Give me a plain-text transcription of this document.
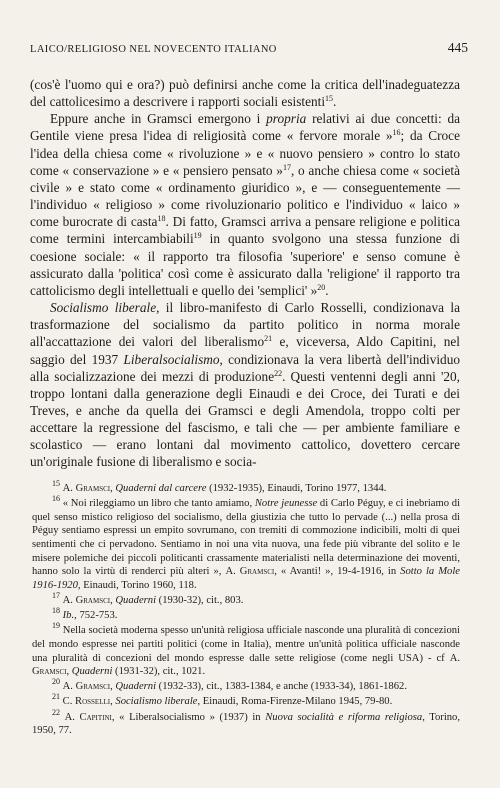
LAICO/RELIGIOSO NEL NOVECENTO ITALIANO	445

(cos'è l'uomo qui e ora?) può definirsi anche come la critica dell'inadeguatezza del cattolicesimo a descrivere i rapporti sociali esistenti$^{15}$.

Eppure anche in Gramsci emergono i propria relativi ai due concetti: da Gentile viene presa l'idea di religiosità come « fervore morale »$^{16}$; da Croce l'idea della chiesa come « rivoluzione » e « nuovo pensiero » contro lo stato come « conservazione » e « pensiero pensato »$^{17}$, o anche chiesa come « società civile » e stato come « ordinamento giuridico », e — conseguentemente — l'individuo « religioso » come rivoluzionario politico e l'individuo « laico » come burocrate di casta$^{18}$. Di fatto, Gramsci arriva a pensare religione e politica come termini intercambiabili$^{19}$ in quanto svolgono una stessa funzione di coesione sociale: « il rapporto tra filosofia 'superiore' e senso comune è assicurato dalla 'politica' così come è assicurato dalla 'religione' il rapporto tra cattolicismo degli intellettuali e quello dei 'semplici' »$^{20}$.

Socialismo liberale, il libro-manifesto di Carlo Rosselli, condizionava la trasformazione del socialismo da partito politico in norma morale all'accattazione dei valori del liberalismo$^{21}$ e, viceversa, Aldo Capitini, nel saggio del 1937 Liberalsocialismo, condizionava la vera libertà dell'individuo alla socializzazione dei mezzi di produzione$^{22}$. Questi ventenni degli anni '20, troppo lontani dalla generazione degli Einaudi e dei Croce, dei Turati e dei Treves, e anche da quella dei Gramsci e degli Amendola, troppo colti per accettare la regressione del fascismo, e tali che — per ambiente familiare e scolastico — erano lontani dal movimento cattolico, dovettero cercare un'originale fusione di liberalismo e socia-

$^{15}$ A. Gramsci, Quaderni dal carcere (1932-1935), Einaudi, Torino 1977, 1344.

$^{16}$ « Noi rileggiamo un libro che tanto amiamo, Notre jeunesse di Carlo Péguy, e ci inebriamo di quel senso mistico religioso del socialismo, della giustizia che tutto lo pervade (...) nella prosa di Péguy sentiamo espressi un empito sovrumano, con tremiti di commozione indicibili, molti di quei sentimenti che ci pervadono. Sentiamo in noi una vita nuova, una fede più vibrante del solito e le misere polemiche dei piccoli politicanti crassamente materialisti nella determinazione dei moventi, hanno solo la virtù di renderci più alteri », A. Gramsci, « Avanti! », 19-4-1916, in Sotto la Mole 1916-1920, Einaudi, Torino 1960, 118.

$^{17}$ A. Gramsci, Quaderni (1930-32), cit., 803.

$^{18}$ Ib., 752-753.

$^{19}$ Nella società moderna spesso un'unità religiosa ufficiale nasconde una pluralità di concezioni del mondo espresse nei partiti politici (come in Italia), mentre un'unità politica ufficiale nasconde una pluralità di concezioni del mondo espresse dalle sette religiose (come negli USA) - cf A. Gramsci, Quaderni (1931-32), cit., 1021.

$^{20}$ A. Gramsci, Quaderni (1932-33), cit., 1383-1384, e anche (1933-34), 1861-1862.

$^{21}$ C. Rosselli, Socialismo liberale, Einaudi, Roma-Firenze-Milano 1945, 79-80.

$^{22}$ A. Capitini, « Liberalsocialismo » (1937) in Nuova socialità e riforma religiosa, Torino, 1950, 77.
